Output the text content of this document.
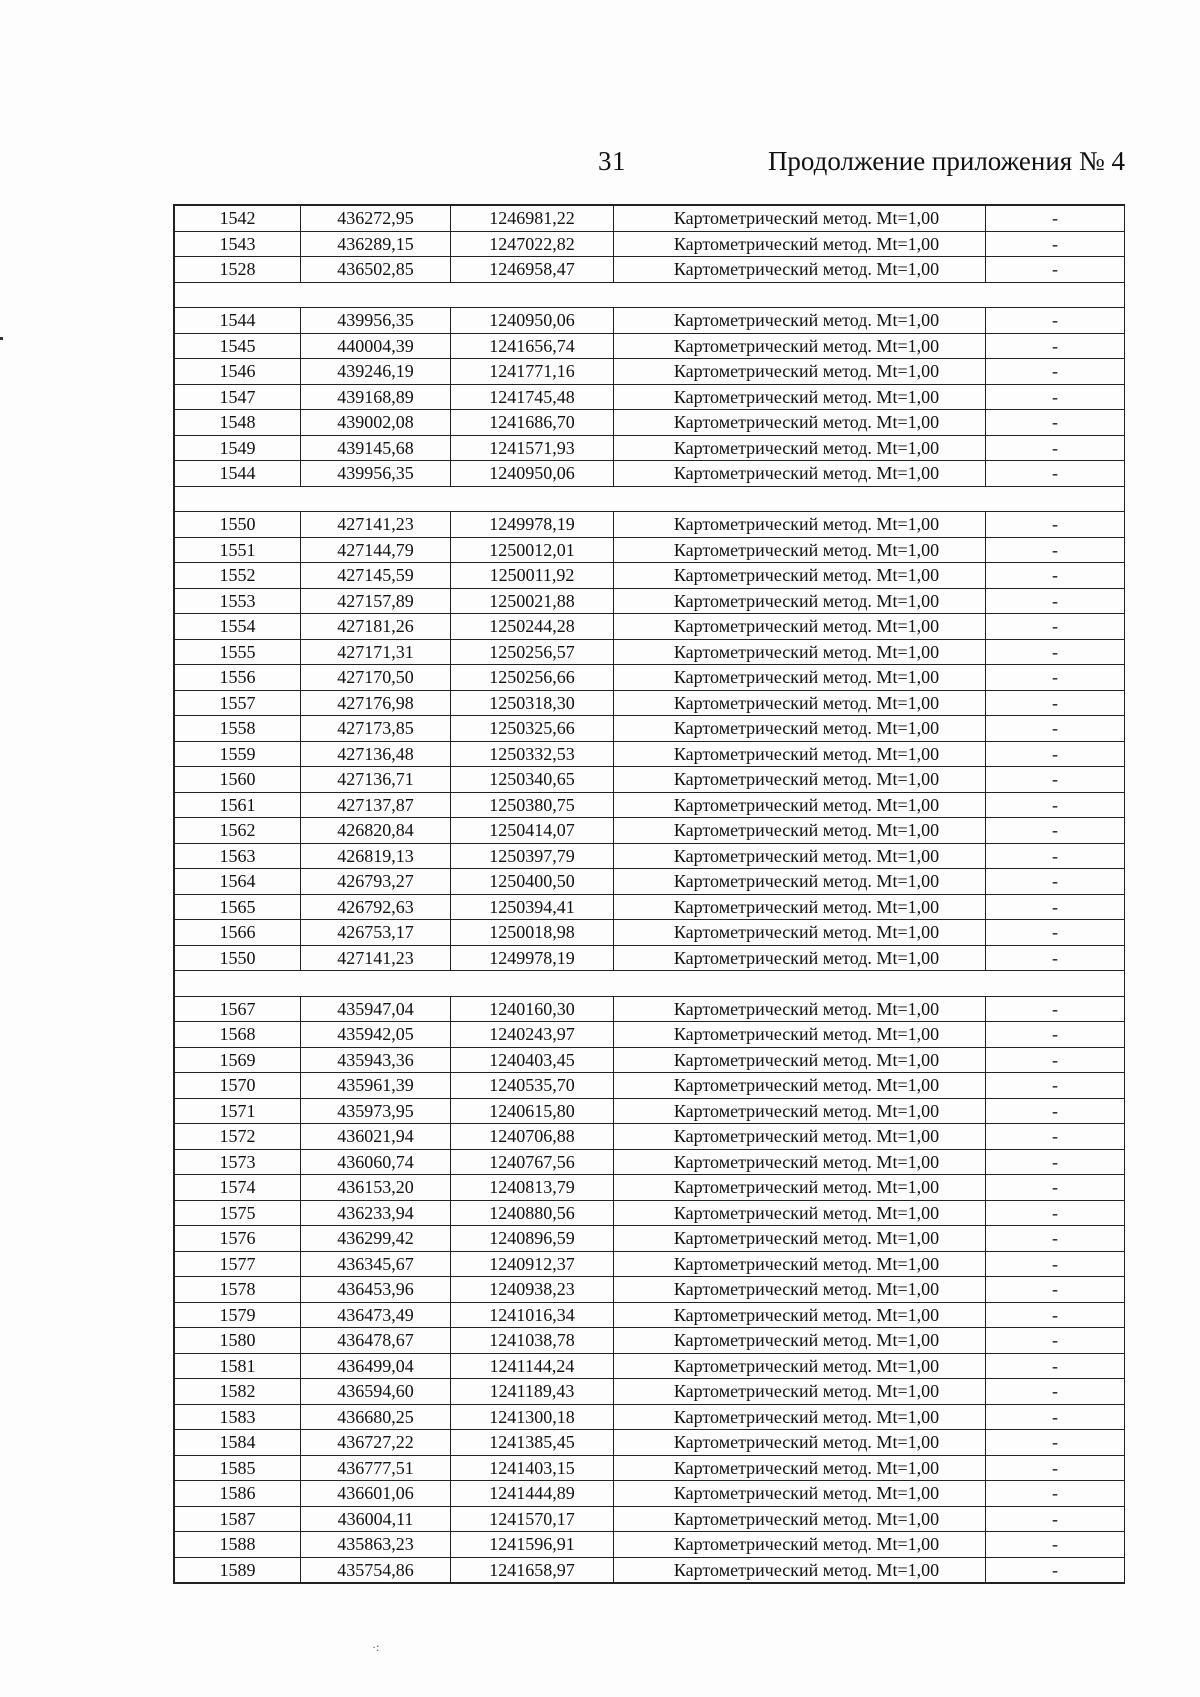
31	Продолжение приложения № 4
·:
1542	436272,95	1246981,22	Картометрический метод. Mt=1,00	-
1543	436289,15	1247022,82	Картометрический метод. Mt=1,00	-
1528	436502,85	1246958,47	Картометрический метод. Mt=1,00	-

1544	439956,35	1240950,06	Картометрический метод. Mt=1,00	-
1545	440004,39	1241656,74	Картометрический метод. Mt=1,00	-
1546	439246,19	1241771,16	Картометрический метод. Mt=1,00	-
1547	439168,89	1241745,48	Картометрический метод. Mt=1,00	-
1548	439002,08	1241686,70	Картометрический метод. Mt=1,00	-
1549	439145,68	1241571,93	Картометрический метод. Mt=1,00	-
1544	439956,35	1240950,06	Картометрический метод. Mt=1,00	-

1550	427141,23	1249978,19	Картометрический метод. Mt=1,00	-
1551	427144,79	1250012,01	Картометрический метод. Mt=1,00	-
1552	427145,59	1250011,92	Картометрический метод. Mt=1,00	-
1553	427157,89	1250021,88	Картометрический метод. Mt=1,00	-
1554	427181,26	1250244,28	Картометрический метод. Mt=1,00	-
1555	427171,31	1250256,57	Картометрический метод. Mt=1,00	-
1556	427170,50	1250256,66	Картометрический метод. Mt=1,00	-
1557	427176,98	1250318,30	Картометрический метод. Mt=1,00	-
1558	427173,85	1250325,66	Картометрический метод. Mt=1,00	-
1559	427136,48	1250332,53	Картометрический метод. Mt=1,00	-
1560	427136,71	1250340,65	Картометрический метод. Mt=1,00	-
1561	427137,87	1250380,75	Картометрический метод. Mt=1,00	-
1562	426820,84	1250414,07	Картометрический метод. Mt=1,00	-
1563	426819,13	1250397,79	Картометрический метод. Mt=1,00	-
1564	426793,27	1250400,50	Картометрический метод. Mt=1,00	-
1565	426792,63	1250394,41	Картометрический метод. Mt=1,00	-
1566	426753,17	1250018,98	Картометрический метод. Mt=1,00	-
1550	427141,23	1249978,19	Картометрический метод. Mt=1,00	-

1567	435947,04	1240160,30	Картометрический метод. Mt=1,00	-
1568	435942,05	1240243,97	Картометрический метод. Mt=1,00	-
1569	435943,36	1240403,45	Картометрический метод. Mt=1,00	-
1570	435961,39	1240535,70	Картометрический метод. Mt=1,00	-
1571	435973,95	1240615,80	Картометрический метод. Mt=1,00	-
1572	436021,94	1240706,88	Картометрический метод. Mt=1,00	-
1573	436060,74	1240767,56	Картометрический метод. Mt=1,00	-
1574	436153,20	1240813,79	Картометрический метод. Mt=1,00	-
1575	436233,94	1240880,56	Картометрический метод. Mt=1,00	-
1576	436299,42	1240896,59	Картометрический метод. Mt=1,00	-
1577	436345,67	1240912,37	Картометрический метод. Mt=1,00	-
1578	436453,96	1240938,23	Картометрический метод. Mt=1,00	-
1579	436473,49	1241016,34	Картометрический метод. Mt=1,00	-
1580	436478,67	1241038,78	Картометрический метод. Mt=1,00	-
1581	436499,04	1241144,24	Картометрический метод. Mt=1,00	-
1582	436594,60	1241189,43	Картометрический метод. Mt=1,00	-
1583	436680,25	1241300,18	Картометрический метод. Mt=1,00	-
1584	436727,22	1241385,45	Картометрический метод. Mt=1,00	-
1585	436777,51	1241403,15	Картометрический метод. Mt=1,00	-
1586	436601,06	1241444,89	Картометрический метод. Mt=1,00	-
1587	436004,11	1241570,17	Картометрический метод. Mt=1,00	-
1588	435863,23	1241596,91	Картометрический метод. Mt=1,00	-
1589	435754,86	1241658,97	Картометрический метод. Mt=1,00	-
